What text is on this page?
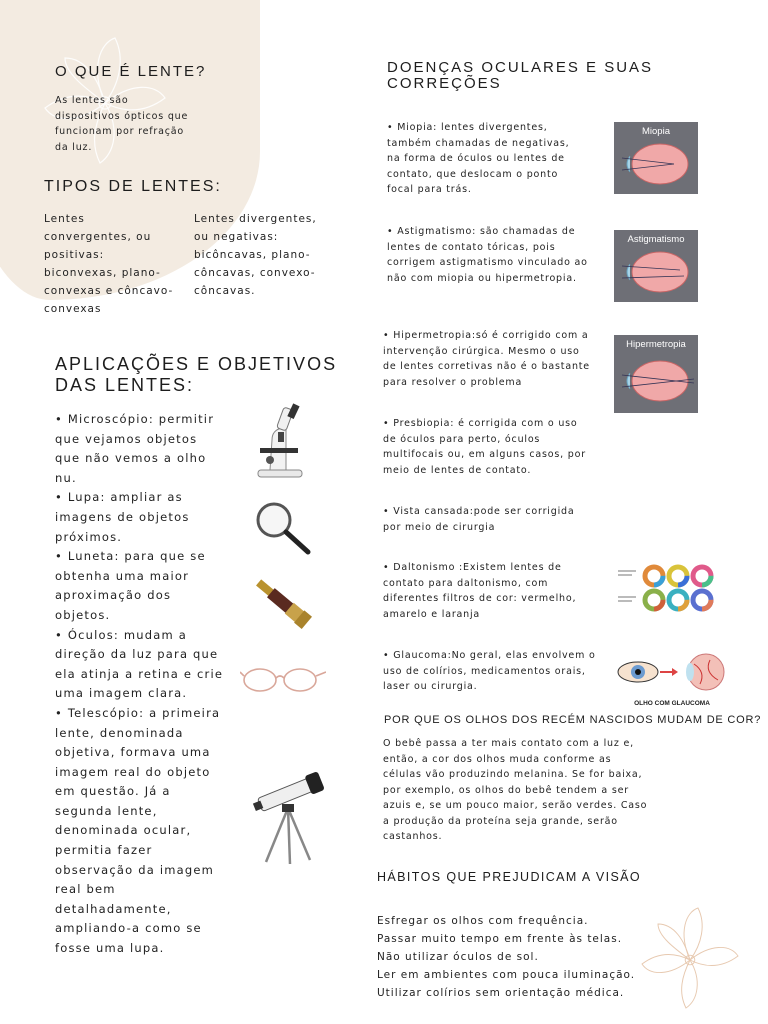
O QUE É LENTE?
As lentes são
dispositivos ópticos que
funcionam por refração
da luz.
TIPOS DE LENTES:
Lentes
convergentes, ou
positivas:
biconvexas, plano-
convexas e côncavo-
convexas
Lentes divergentes,
ou negativas:
bicôncavas, plano-
côncavas, convexo-
côncavas.
APLICAÇÕES E OBJETIVOS
DAS LENTES:
• Microscópio: permitir
que vejamos objetos
que não vemos a olho
nu.
• Lupa: ampliar as
imagens de objetos
próximos.
• Luneta: para que se
obtenha uma maior
aproximação dos
objetos.
• Óculos: mudam a
direção da luz para que
ela atinja a retina e crie
uma imagem clara.
• Telescópio: a primeira
lente, denominada
objetiva, formava uma
imagem real do objeto
em questão. Já a
segunda lente,
denominada ocular,
permitia fazer
observação da imagem
real bem
detalhadamente,
ampliando-a como se
fosse uma lupa.
DOENÇAS OCULARES E SUAS
CORREÇÕES
• Miopia: lentes divergentes,
também chamadas de negativas,
na forma de óculos ou lentes de
contato, que deslocam o ponto
focal para trás.
Miopia
• Astigmatismo: são chamadas de
lentes de contato tóricas, pois
corrigem astigmatismo vinculado ao
não com miopia ou hipermetropia.
Astigmatismo
• Hipermetropia:só é corrigido com a
intervenção cirúrgica. Mesmo o uso
de lentes corretivas não é o bastante
para resolver o problema
Hipermetropia
• Presbiopia: é corrigida com o uso
de óculos para perto, óculos
multifocais ou, em alguns casos, por
meio de lentes de contato.
• Vista cansada:pode ser corrigida
por meio de cirurgia
• Daltonismo :Existem lentes de
contato para daltonismo, com
diferentes filtros de cor: vermelho,
amarelo e laranja
• Glaucoma:No geral, elas envolvem o
uso de colírios, medicamentos orais,
laser ou cirurgia.
OLHO COM GLAUCOMA
POR QUE OS OLHOS DOS RECÉM NASCIDOS MUDAM DE COR?
O bebê passa a ter mais contato com a luz e,
então, a cor dos olhos muda conforme as
células vão produzindo melanina. Se for baixa,
por exemplo, os olhos do bebê tendem a ser
azuis e, se um pouco maior, serão verdes. Caso
a produção da proteína seja grande, serão
castanhos.
HÁBITOS QUE PREJUDICAM A VISÃO
Esfregar os olhos com frequência.
Passar muito tempo em frente às telas.
Não utilizar óculos de sol.
Ler em ambientes com pouca iluminação.
Utilizar colírios sem orientação médica.
